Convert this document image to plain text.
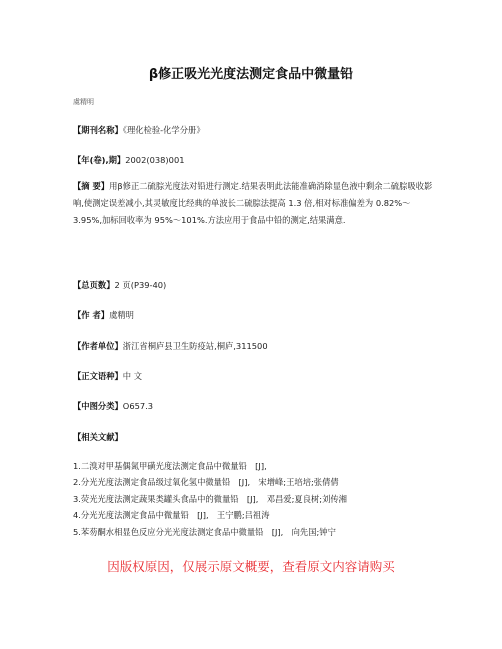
β修正吸光光度法测定食品中微量铅
虞精明
【期刊名称】《理化检验-化学分册》
【年(卷),期】2002(038)001
【摘 要】用β修正二硫腙光度法对铅进行测定.结果表明此法能准确消除显色液中剩余二硫腙吸收影响,使测定误差减小,其灵敏度比经典的单波长二硫腙法提高 1.3 倍,相对标准偏差为 0.82%～3.95%,加标回收率为 95%～101%.方法应用于食品中铅的测定,结果满意.
【总页数】2 页(P39-40)
【作 者】虞精明
【作者单位】浙江省桐庐县卫生防疫站,桐庐,311500
【正文语种】中 文
【中图分类】O657.3
【相关文献】
1.二溴对甲基偶氮甲磺光度法测定食品中微量铅　[J],
2.分光光度法测定食品级过氧化氢中微量铅　[J],　宋增峰;王培培;张倩倩
3.荧光光度法测定蔬果类罐头食品中的微量铅　[J],　邓昌爱;夏良树;刘传湘
4.分光光度法测定食品中微量铅　[J],　王宁鹏;吕祖涛
5.苯芴酮水相显色反应分光光度法测定食品中微量铅　[J],　向先国;钟宁
因版权原因，仅展示原文概要，查看原文内容请购买
